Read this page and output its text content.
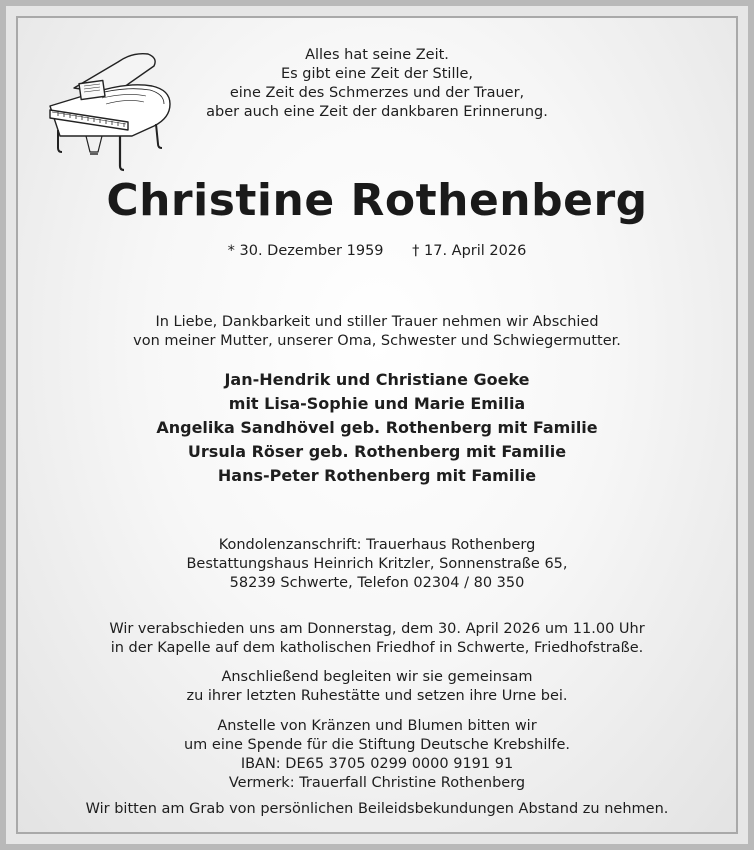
Alles hat seine Zeit.
Es gibt eine Zeit der Stille,
eine Zeit des Schmerzes und der Trauer,
aber auch eine Zeit der dankbaren Erinnerung.
Christine Rothenberg
* 30. Dezember 1959 † 17. April 2026
In Liebe, Dankbarkeit und stiller Trauer nehmen wir Abschied
von meiner Mutter, unserer Oma, Schwester und Schwiegermutter.
Jan-Hendrik und Christiane Goeke
mit Lisa-Sophie und Marie Emilia
Angelika Sandhövel geb. Rothenberg mit Familie
Ursula Röser geb. Rothenberg mit Familie
Hans-Peter Rothenberg mit Familie
Kondolenzanschrift: Trauerhaus Rothenberg
Bestattungshaus Heinrich Kritzler, Sonnenstraße 65,
58239 Schwerte, Telefon 02304 / 80 350
Wir verabschieden uns am Donnerstag, dem 30. April 2026 um 11.00 Uhr
in der Kapelle auf dem katholischen Friedhof in Schwerte, Friedhofstraße.
Anschließend begleiten wir sie gemeinsam
zu ihrer letzten Ruhestätte und setzen ihre Urne bei.
Anstelle von Kränzen und Blumen bitten wir
um eine Spende für die Stiftung Deutsche Krebshilfe.
IBAN: DE65 3705 0299 0000 9191 91
Vermerk: Trauerfall Christine Rothenberg
Wir bitten am Grab von persönlichen Beileidsbekundungen Abstand zu nehmen.
